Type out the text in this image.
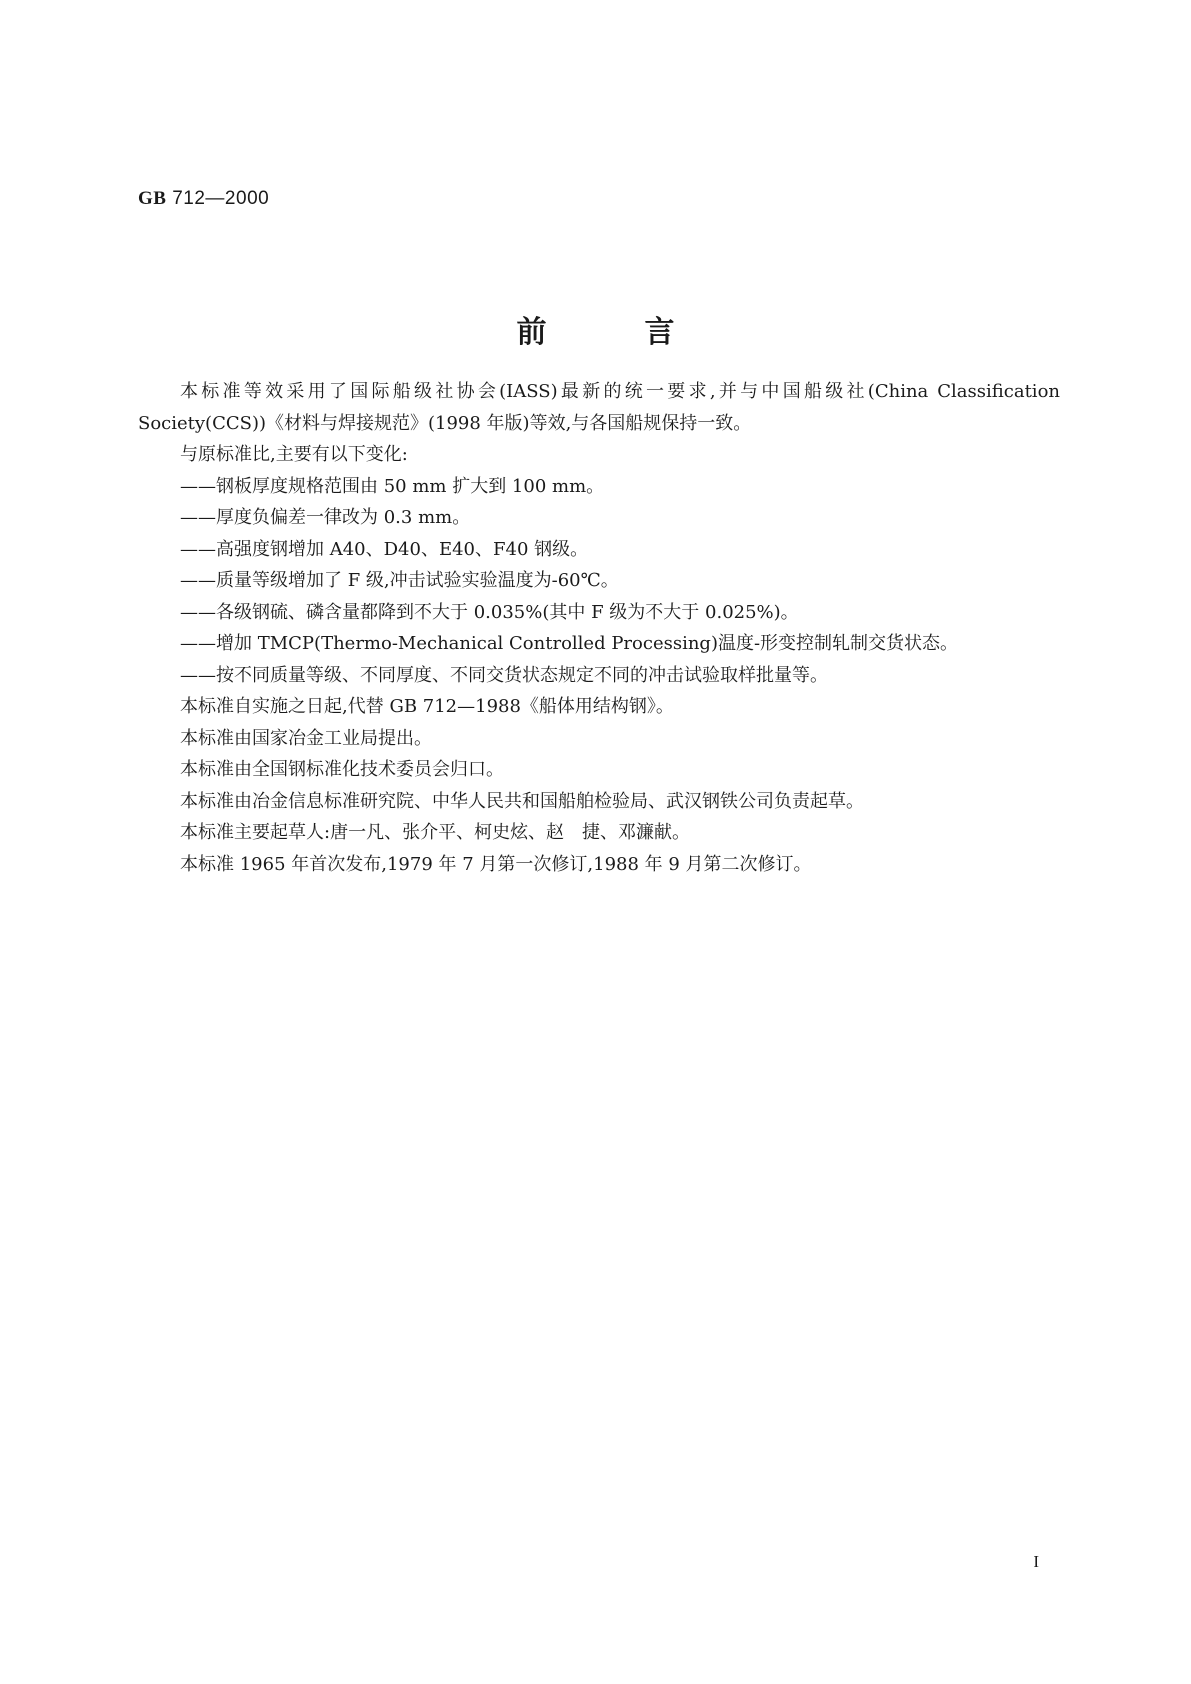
GB 712—2000
前言

本标准等效采用了国际船级社协会(IASS)最新的统一要求,并与中国船级社(China Classification Society(CCS))《材料与焊接规范》(1998 年版)等效,与各国船规保持一致。

与原标准比,主要有以下变化:

——钢板厚度规格范围由 50 mm 扩大到 100 mm。

——厚度负偏差一律改为 0.3 mm。

——高强度钢增加 A40、D40、E40、F40 钢级。

——质量等级增加了 F 级,冲击试验实验温度为-60℃。

——各级钢硫、磷含量都降到不大于 0.035%(其中 F 级为不大于 0.025%)。

——增加 TMCP(Thermo-Mechanical Controlled Processing)温度-形变控制轧制交货状态。

——按不同质量等级、不同厚度、不同交货状态规定不同的冲击试验取样批量等。

本标准自实施之日起,代替 GB 712—1988《船体用结构钢》。

本标准由国家冶金工业局提出。

本标准由全国钢标准化技术委员会归口。

本标准由冶金信息标准研究院、中华人民共和国船舶检验局、武汉钢铁公司负责起草。

本标准主要起草人:唐一凡、张介平、柯史炫、赵　捷、邓濂献。

本标准 1965 年首次发布,1979 年 7 月第一次修订,1988 年 9 月第二次修订。

I
